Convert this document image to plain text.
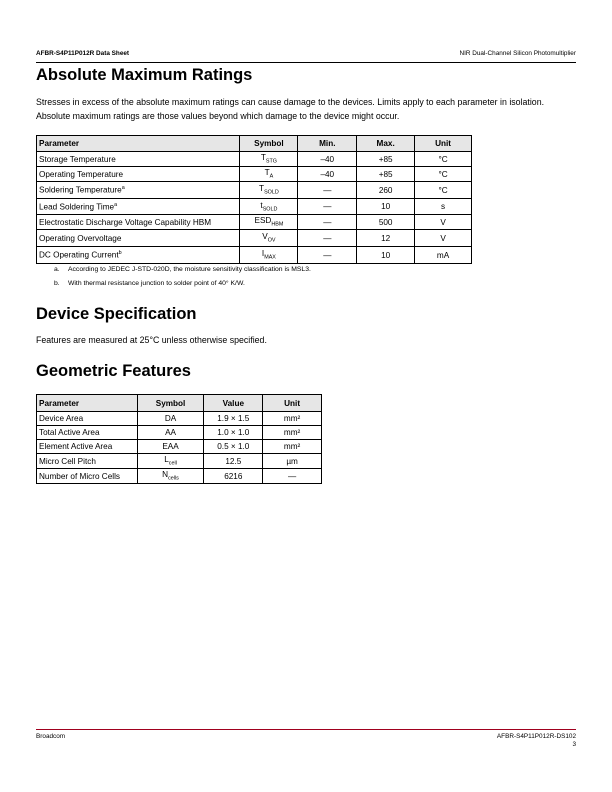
AFBR-S4P11P012R Data Sheet	NIR Dual-Channel Silicon Photomultiplier
Absolute Maximum Ratings

Stresses in excess of the absolute maximum ratings can cause damage to the devices. Limits apply to each parameter in isolation. Absolute maximum ratings are those values beyond which damage to the device might occur.

Parameter	Symbol	Min.	Max.	Unit
Storage Temperature	$T_{STG}$	–40	+85	°C
Operating Temperature	$T_A$	–40	+85	°C
Soldering Temperature$^a$	$T_{SOLD}$	—	260	°C
Lead Soldering Time$^a$	$t_{SOLD}$	—	10	s
Electrostatic Discharge Voltage Capability HBM	$ESD_{HBM}$	—	500	V
Operating Overvoltage	$V_{OV}$	—	12	V
DC Operating Current$^b$	$I_{MAX}$	—	10	mA
a. According to JEDEC J-STD-020D, the moisture sensitivity classification is MSL3.
b. With thermal resistance junction to solder point of 40° K/W.
Device Specification

Features are measured at 25°C unless otherwise specified.

Geometric Features
Parameter	Symbol	Value	Unit
Device Area	DA	1.9 × 1.5	mm²
Total Active Area	AA	1.0 × 1.0	mm²
Element Active Area	EAA	0.5 × 1.0	mm²
Micro Cell Pitch	$L_{cell}$	12.5	µm
Number of Micro Cells	$N_{cells}$	6216	—
Broadcom	AFBR-S4P11P012R-DS102
3
